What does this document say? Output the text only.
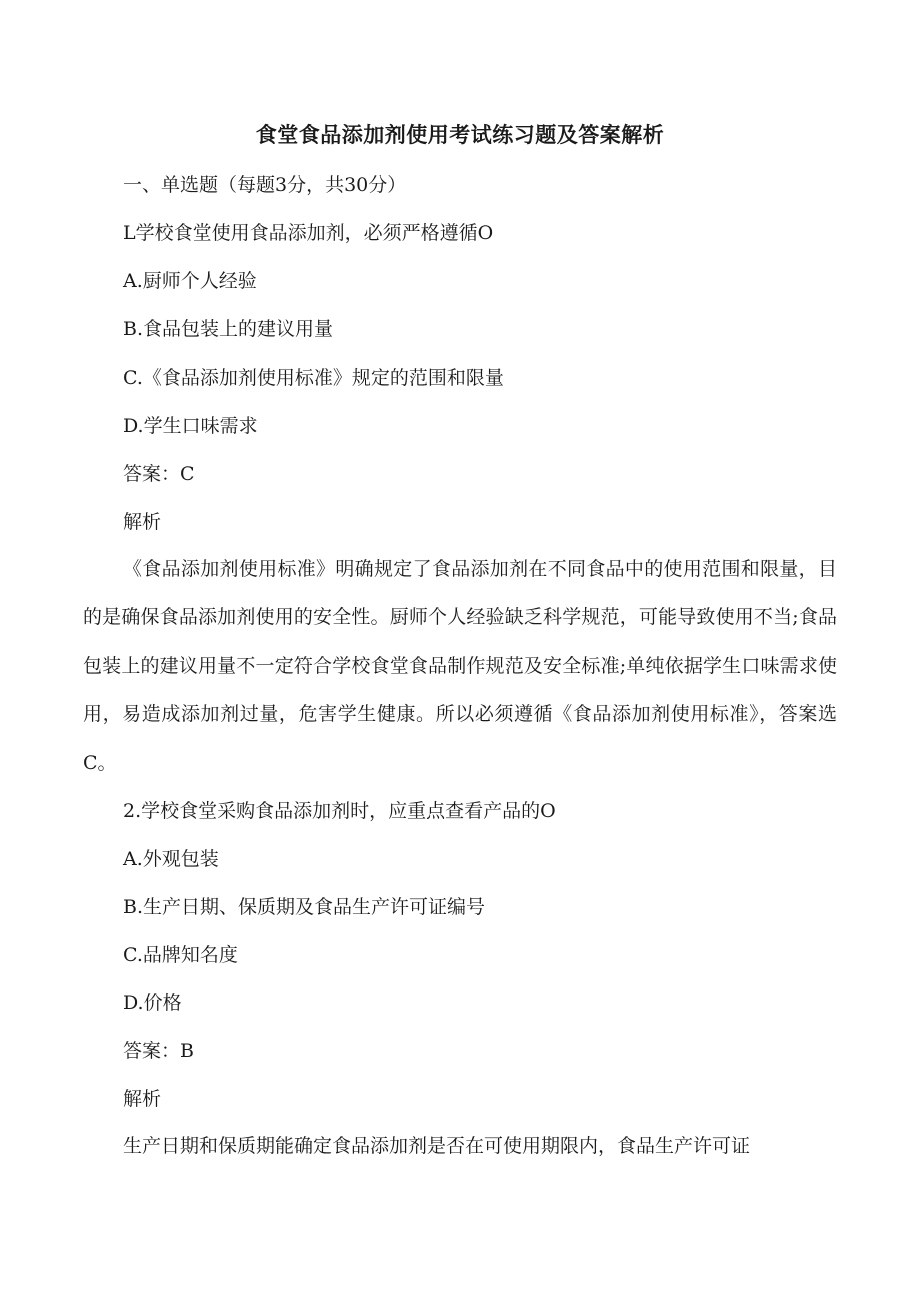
食堂食品添加剂使用考试练习题及答案解析
一、单选题（每题3分，共30分）
L学校食堂使用食品添加剂，必须严格遵循O
A.厨师个人经验
B.食品包装上的建议用量
C.《食品添加剂使用标准》规定的范围和限量
D.学生口味需求
答案：C
解析
《食品添加剂使用标准》明确规定了食品添加剂在不同食品中的使用范围和限量，目的是确保食品添加剂使用的安全性。厨师个人经验缺乏科学规范，可能导致使用不当;食品包装上的建议用量不一定符合学校食堂食品制作规范及安全标准;单纯依据学生口味需求使用，易造成添加剂过量，危害学生健康。所以必须遵循《食品添加剂使用标准》，答案选C。
2.学校食堂采购食品添加剂时，应重点查看产品的O
A.外观包装
B.生产日期、保质期及食品生产许可证编号
C.品牌知名度
D.价格
答案：B
解析
生产日期和保质期能确定食品添加剂是否在可使用期限内，食品生产许可证
